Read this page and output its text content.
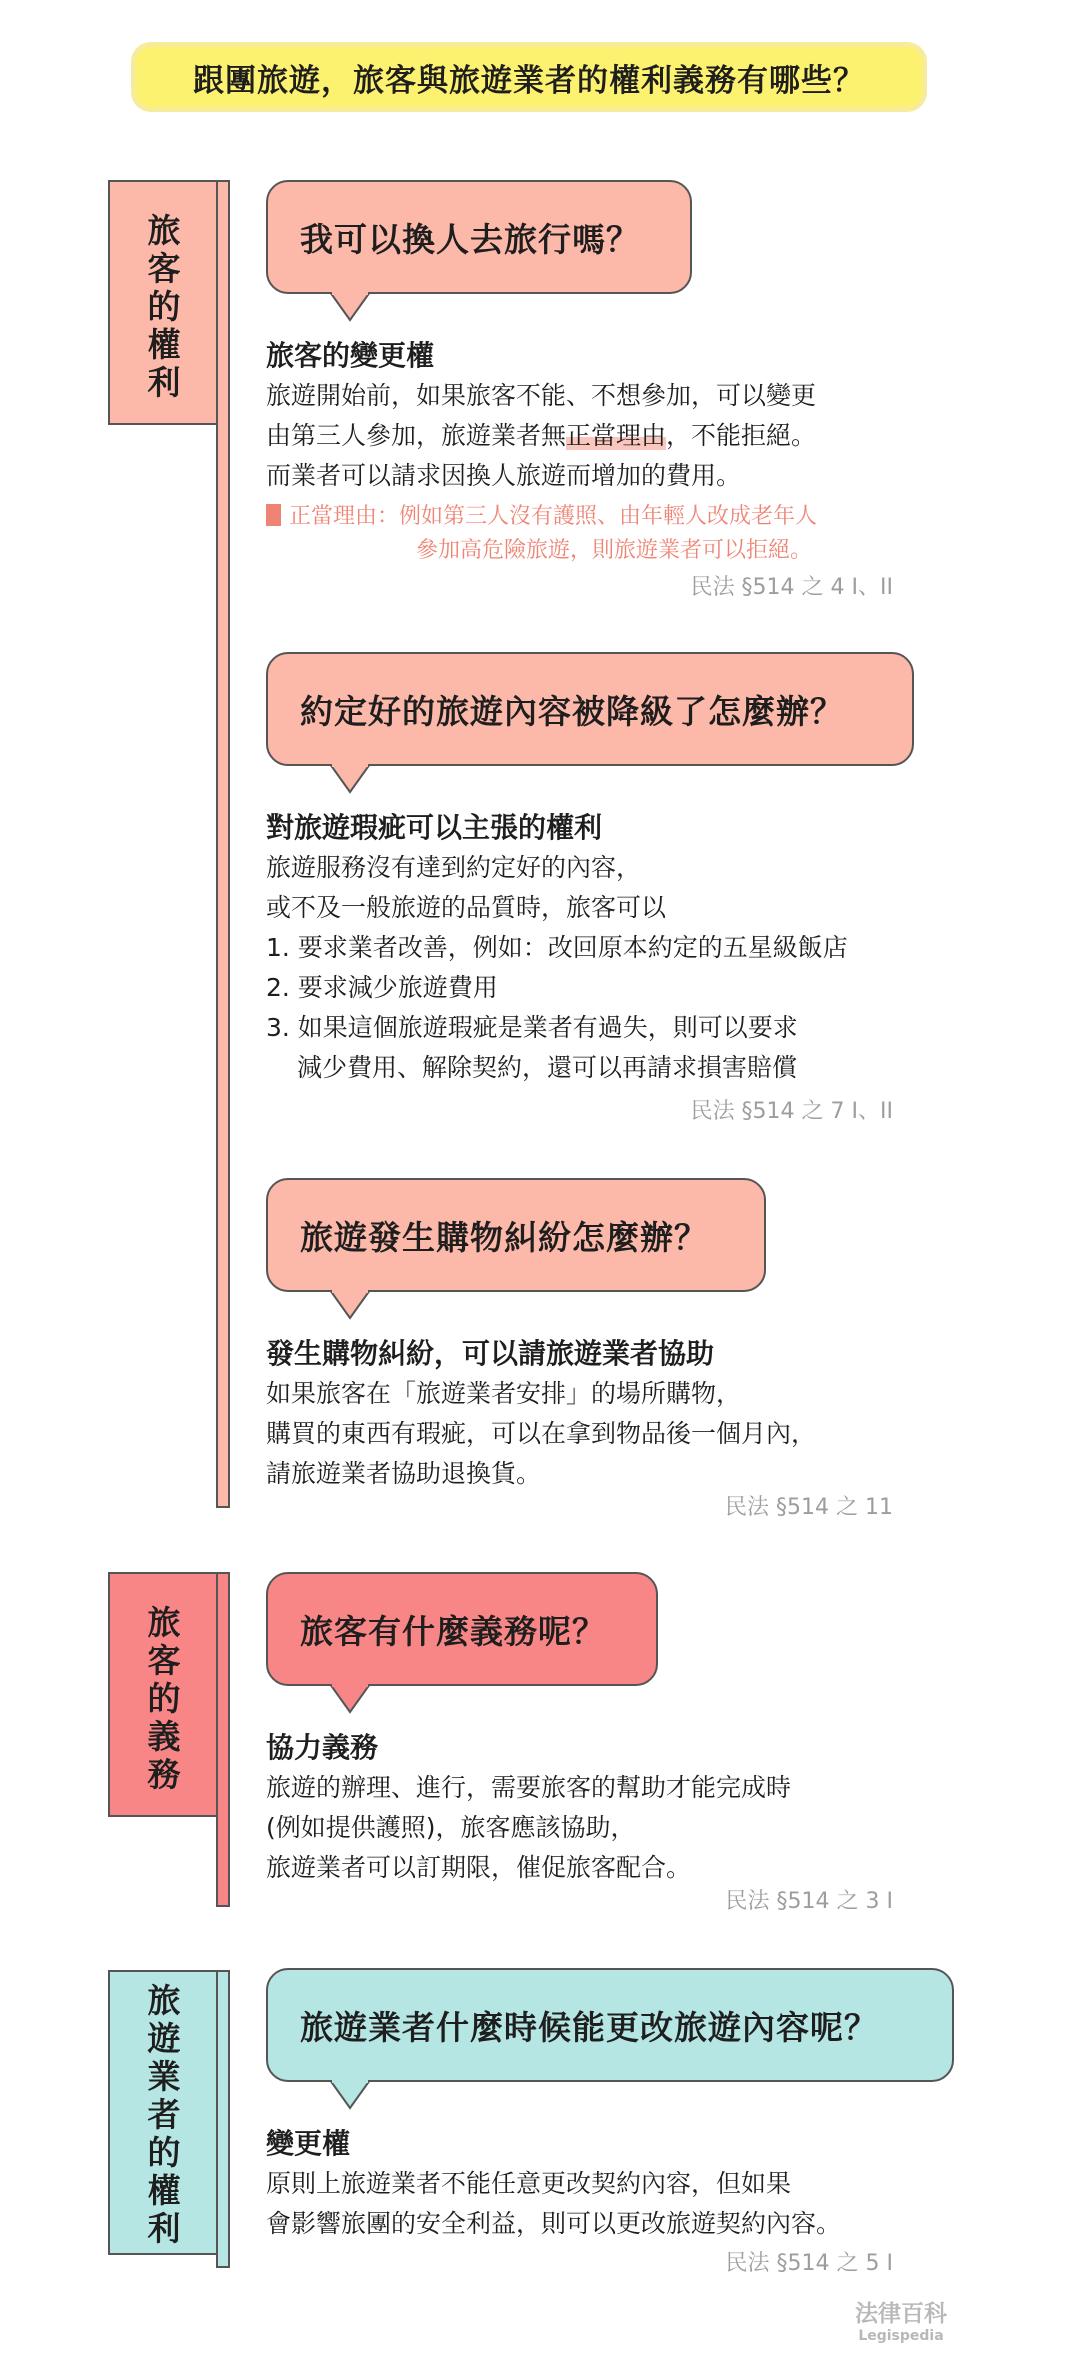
跟團旅遊，旅客與旅遊業者的權利義務有哪些？
旅客的權利
旅客的義務
旅遊業者的權利
我可以換人去旅行嗎？
旅客的變更權
旅遊開始前，如果旅客不能、不想參加，可以變更
由第三人參加，旅遊業者無正當理由，不能拒絕。
而業者可以請求因換人旅遊而增加的費用。
正當理由：例如第三人沒有護照、由年輕人改成老年人
參加高危險旅遊，則旅遊業者可以拒絕。
民法 §514 之 4 I、II
約定好的旅遊內容被降級了怎麼辦？
對旅遊瑕疵可以主張的權利
旅遊服務沒有達到約定好的內容，
或不及一般旅遊的品質時，旅客可以
1. 要求業者改善，例如：改回原本約定的五星級飯店
2. 要求減少旅遊費用
3. 如果這個旅遊瑕疵是業者有過失，則可以要求
減少費用、解除契約，還可以再請求損害賠償
民法 §514 之 7 I、II
旅遊發生購物糾紛怎麼辦？
發生購物糾紛，可以請旅遊業者協助
如果旅客在「旅遊業者安排」的場所購物，
購買的東西有瑕疵，可以在拿到物品後一個月內，
請旅遊業者協助退換貨。
民法 §514 之 11
旅客有什麼義務呢？
協力義務
旅遊的辦理、進行，需要旅客的幫助才能完成時
(例如提供護照)，旅客應該協助，
旅遊業者可以訂期限，催促旅客配合。
民法 §514 之 3 I
旅遊業者什麼時候能更改旅遊內容呢？
變更權
原則上旅遊業者不能任意更改契約內容，但如果
會影響旅團的安全利益，則可以更改旅遊契約內容。
民法 §514 之 5 I
法律百科
Legispedia
